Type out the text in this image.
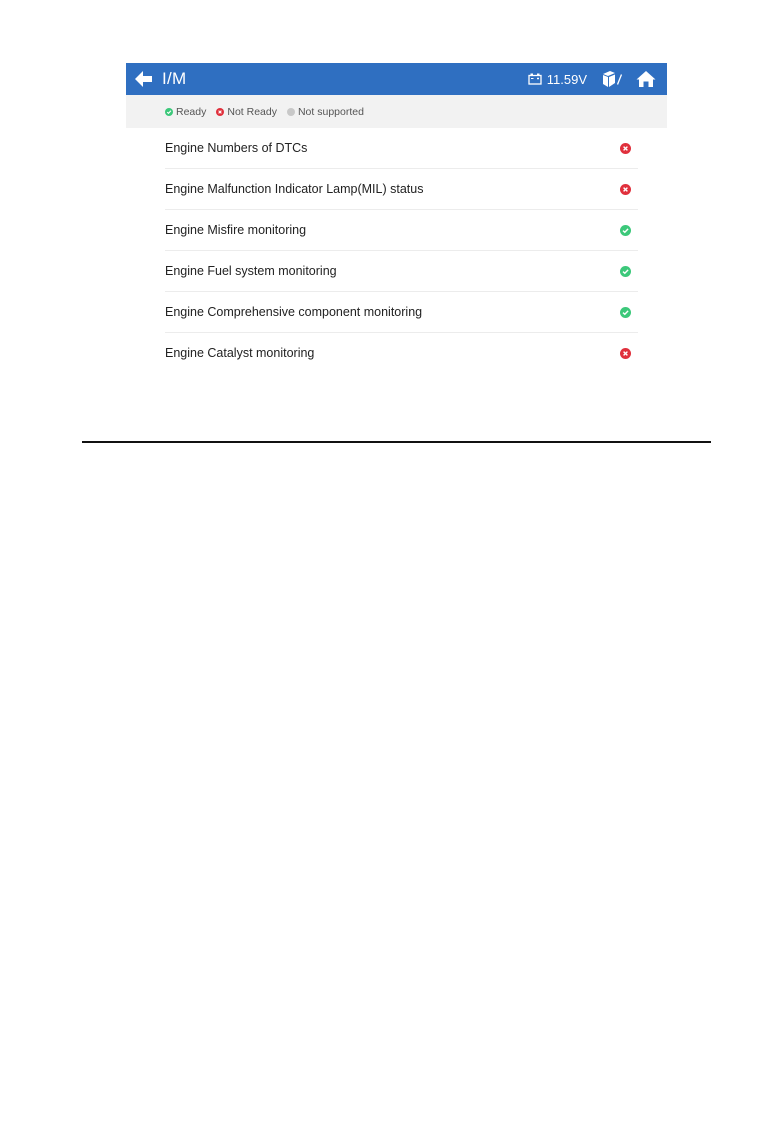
I/M	11.59V
Ready Not Ready Not supported
Engine Numbers of DTCs
Engine Malfunction Indicator Lamp(MIL) status
Engine Misfire monitoring
Engine Fuel system monitoring
Engine Comprehensive component monitoring
Engine Catalyst monitoring
